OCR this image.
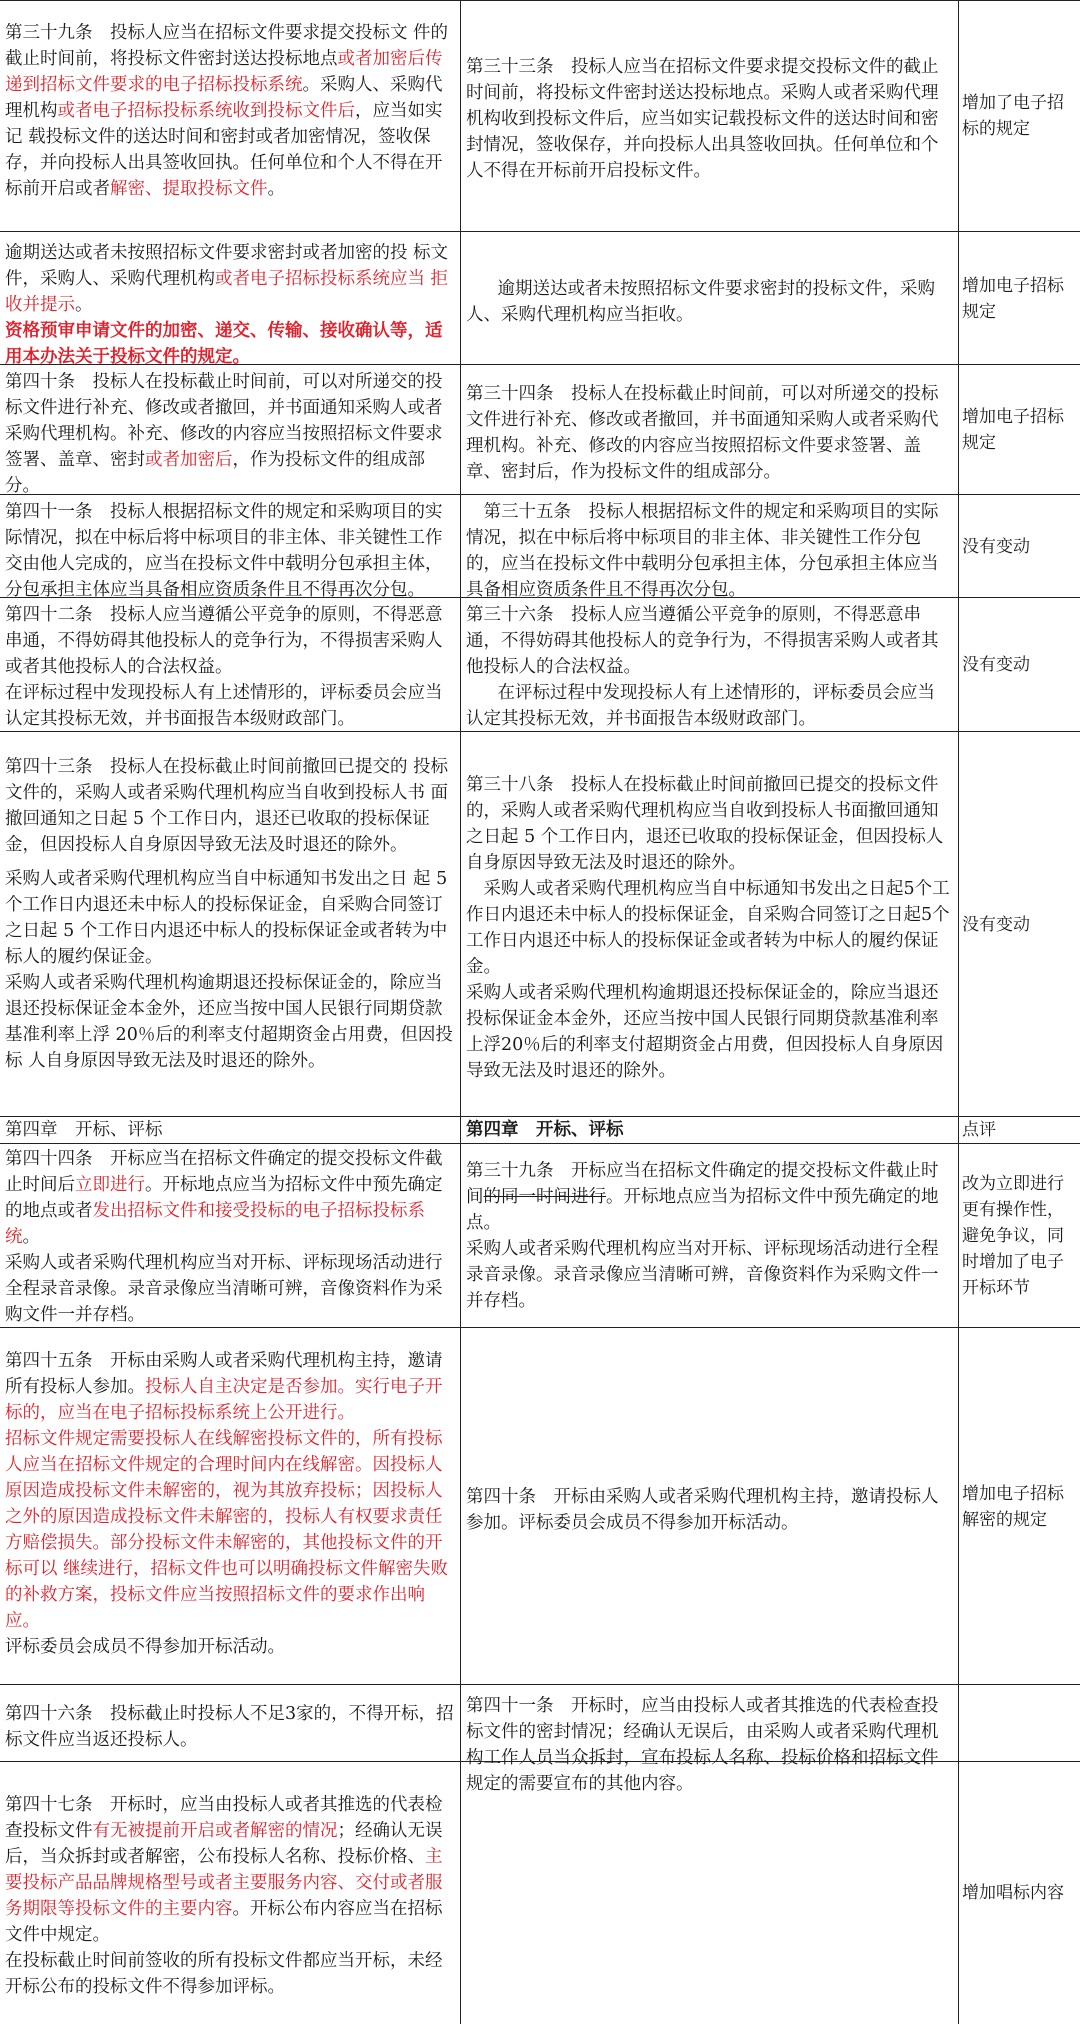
第三十九条　投标人应当在招标文件要求提交投标文 件的截止时间前，将投标文件密封送达投标地点或者加密后传递到招标文件要求的电子招标投标系统。采购人、采购代 理机构或者电子招标投标系统收到投标文件后，应当如实记 载投标文件的送达时间和密封或者加密情况，签收保存，并向投标人出具签收回执。任何单位和个人不得在开标前开启或者解密、提取投标文件。

第三十三条　投标人应当在招标文件要求提交投标文件的截止时间前，将投标文件密封送达投标地点。采购人或者采购代理机构收到投标文件后，应当如实记载投标文件的送达时间和密封情况，签收保存，并向投标人出具签收回执。任何单位和个人不得在开标前开启投标文件。

增加了电子招标的规定

逾期送达或者未按照招标文件要求密封或者加密的投 标文件，采购人、采购代理机构或者电子招标投标系统应当 拒收并提示。

资格预审申请文件的加密、递交、传输、接收确认等，适用本办法关于投标文件的规定。

逾期送达或者未按照招标文件要求密封的投标文件，采购人、采购代理机构应当拒收。

增加电子招标规定

第四十条　投标人在投标截止时间前，可以对所递交的投标文件进行补充、修改或者撤回，并书面通知采购人或者采购代理机构。补充、修改的内容应当按照招标文件要求签署、盖章、密封或者加密后，作为投标文件的组成部分。

第三十四条　投标人在投标截止时间前，可以对所递交的投标文件进行补充、修改或者撤回，并书面通知采购人或者采购代理机构。补充、修改的内容应当按照招标文件要求签署、盖章、密封后，作为投标文件的组成部分。

增加电子招标规定

第四十一条　投标人根据招标文件的规定和采购项目的实际情况，拟在中标后将中标项目的非主体、非关键性工作交由他人完成的，应当在投标文件中载明分包承担主体，分包承担主体应当具备相应资质条件且不得再次分包。

第三十五条　投标人根据招标文件的规定和采购项目的实际情况，拟在中标后将中标项目的非主体、非关键性工作分包的，应当在投标文件中载明分包承担主体，分包承担主体应当具备相应资质条件且不得再次分包。

没有变动

第四十二条　投标人应当遵循公平竞争的原则，不得恶意串通，不得妨碍其他投标人的竞争行为，不得损害采购人 或者其他投标人的合法权益。

在评标过程中发现投标人有上述情形的，评标委员会应当认定其投标无效，并书面报告本级财政部门。

第三十六条　投标人应当遵循公平竞争的原则，不得恶意串通，不得妨碍其他投标人的竞争行为，不得损害采购人或者其他投标人的合法权益。

在评标过程中发现投标人有上述情形的，评标委员会应当认定其投标无效，并书面报告本级财政部门。

没有变动

第四十三条　投标人在投标截止时间前撤回已提交的 投标文件的，采购人或者采购代理机构应当自收到投标人书 面撤回通知之日起 5 个工作日内，退还已收取的投标保证 金，但因投标人自身原因导致无法及时退还的除外。

采购人或者采购代理机构应当自中标通知书发出之日 起 5 个工作日内退还未中标人的投标保证金，自采购合同签订之日起 5 个工作日内退还中标人的投标保证金或者转为中标人的履约保证金。

采购人或者采购代理机构逾期退还投标保证金的，除应当退还投标保证金本金外，还应当按中国人民银行同期贷款 基准利率上浮 20％后的利率支付超期资金占用费，但因投标 人自身原因导致无法及时退还的除外。

第三十八条　投标人在投标截止时间前撤回已提交的投标文件的，采购人或者采购代理机构应当自收到投标人书面撤回通知之日起 5 个工作日内，退还已收取的投标保证金，但因投标人自身原因导致无法及时退还的除外。

采购人或者采购代理机构应当自中标通知书发出之日起5个工作日内退还未中标人的投标保证金，自采购合同签订之日起5个工作日内退还中标人的投标保证金或者转为中标人的履约保证金。

采购人或者采购代理机构逾期退还投标保证金的，除应当退还投标保证金本金外，还应当按中国人民银行同期贷款基准利率上浮20％后的利率支付超期资金占用费，但因投标人自身原因导致无法及时退还的除外。

没有变动

第四章　开标、评标	第四章　开标、评标	点评

第四十四条　开标应当在招标文件确定的提交投标文件截止时间后立即进行。开标地点应当为招标文件中预先确定的地点或者发出招标文件和接受投标的电子招标投标系统。

采购人或者采购代理机构应当对开标、评标现场活动进行全程录音录像。录音录像应当清晰可辨，音像资料作为采购文件一并存档。

第三十九条　开标应当在招标文件确定的提交投标文件截止时间的同一时间进行。开标地点应当为招标文件中预先确定的地点。

采购人或者采购代理机构应当对开标、评标现场活动进行全程录音录像。录音录像应当清晰可辨，音像资料作为采购文件一并存档。

改为立即进行更有操作性，避免争议，同时增加了电子开标环节

第四十五条　开标由采购人或者采购代理机构主持，邀请所有投标人参加。投标人自主决定是否参加。实行电子开标的，应当在电子招标投标系统上公开进行。

招标文件规定需要投标人在线解密投标文件的，所有投标人应当在招标文件规定的合理时间内在线解密。因投标人 原因造成投标文件未解密的，视为其放弃投标；因投标人之外的原因造成投标文件未解密的，投标人有权要求责任方赔偿损失。部分投标文件未解密的，其他投标文件的开标可以 继续进行，招标文件也可以明确投标文件解密失败的补救方案，投标文件应当按照招标文件的要求作出响应。

评标委员会成员不得参加开标活动。

第四十条　开标由采购人或者采购代理机构主持，邀请投标人参加。评标委员会成员不得参加开标活动。

增加电子招标解密的规定

第四十六条　投标截止时投标人不足3家的，不得开标，招标文件应当返还投标人。

第四十一条　开标时，应当由投标人或者其推选的代表检查投标文件的密封情况；经确认无误后，由采购人或者采购代理机构工作人员当众拆封，宣布投标人名称、投标价格和招标文件规定的需要宣布的其他内容。

第四十七条　开标时，应当由投标人或者其推选的代表检查投标文件有无被提前开启或者解密的情况；经确认无误后，当众拆封或者解密，公布投标人名称、投标价格、主要投标产品品牌规格型号或者主要服务内容、交付或者服务期限等投标文件的主要内容。开标公布内容应当在招标文件中规定。

在投标截止时间前签收的所有投标文件都应当开标，未经开标公布的投标文件不得参加评标。

增加唱标内容
